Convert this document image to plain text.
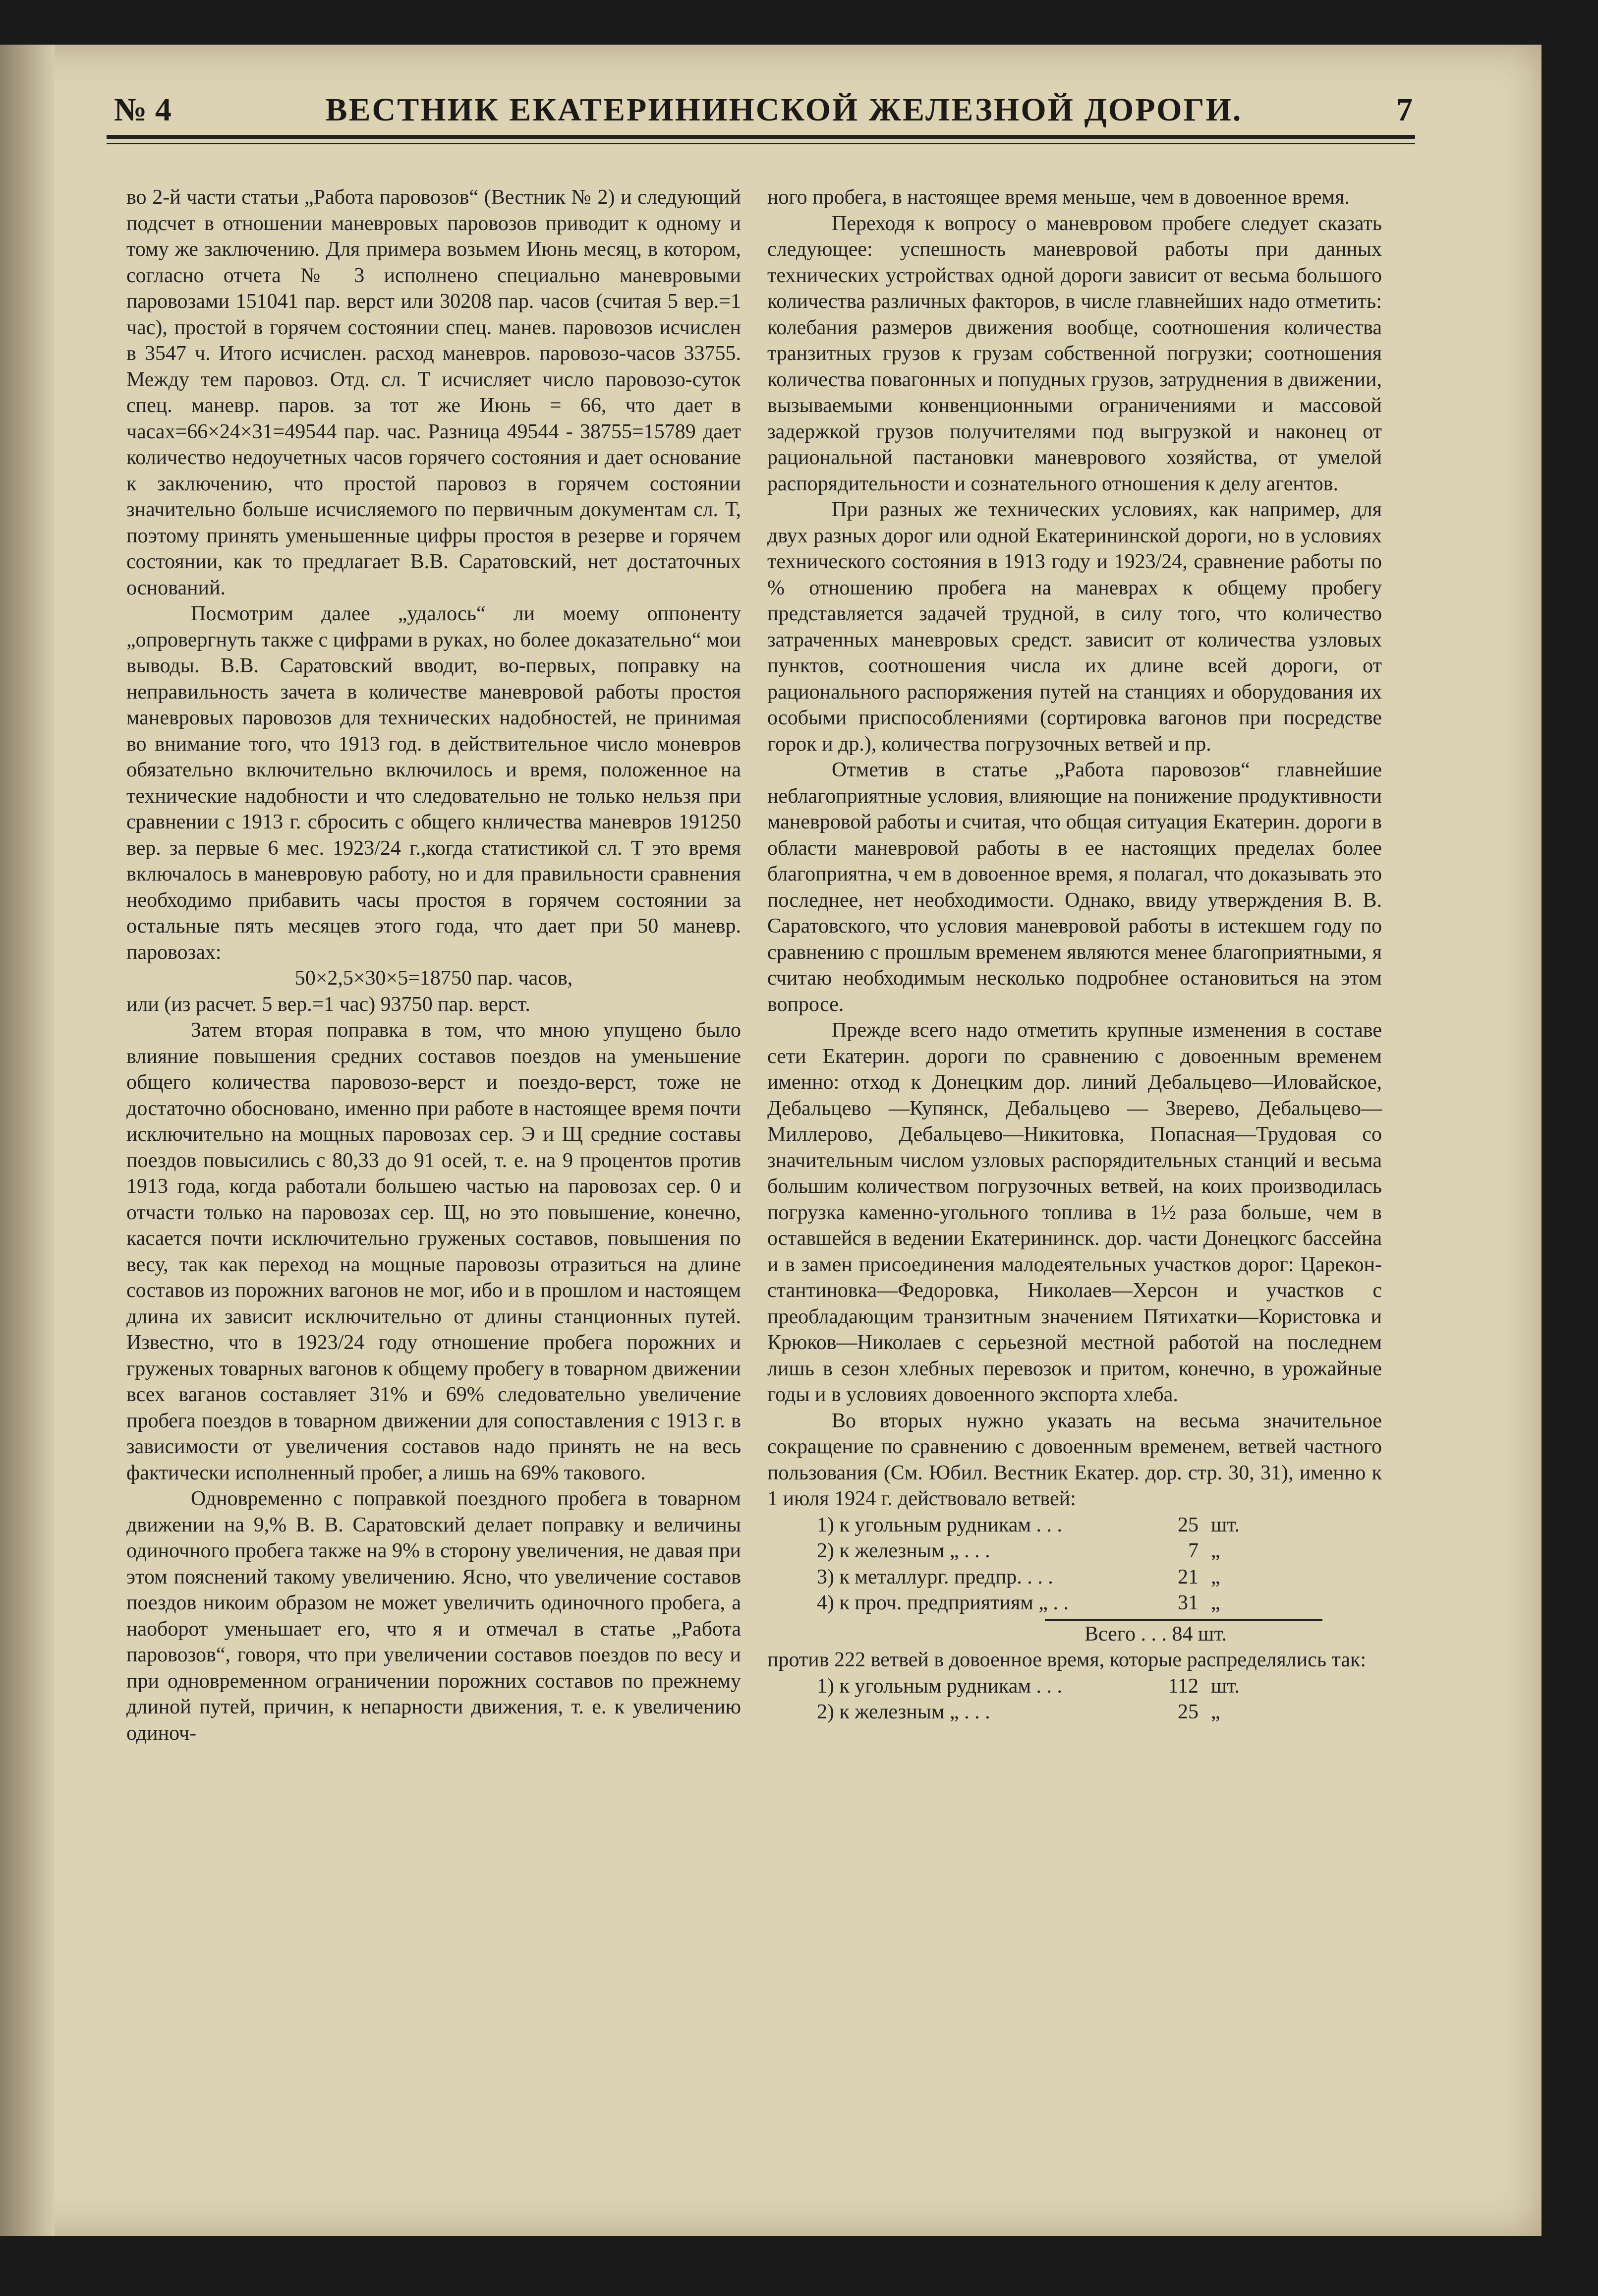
№ 4	ВЕСТНИК ЕКАТЕРИНИНСКОЙ ЖЕЛЕЗНОЙ ДОРОГИ.	7

во 2-й части статьи „Работа паровозов“ (Вестник № 2) и следующий подсчет в отношении маневровых паровозов приводит к одному и тому же заключению. Для примера возьмем Июнь месяц, в котором, согласно отчета № 3 исполнено специально маневровыми паровозами 151041 пар. верст или 30208 пар. часов (считая 5 вер.=1 час), простой в горячем состоянии спец. манев. паровозов исчислен в 3547 ч. Итого исчислен. расход маневров. паровозо-часов 33755. Между тем паровоз. Отд. сл. Т исчисляет число паровозо-суток спец. маневр. паров. за тот же Июнь = 66, что дает в часах=66×24×31=49544 пар. час. Разница 49544 - 38755=15789 дает количество недоучетных часов горячего состояния и дает основание к заключению, что простой паровоз в горячем состоянии значительно больше исчисляемого по первичным документам сл. Т, поэтому принять уменьшенные цифры простоя в резерве и горячем состоянии, как то предлагает В.В. Саратовский, нет достаточных оснований.

Посмотрим далее „удалось“ ли моему оппоненту „опровергнуть также с цифрами в руках, но более доказательно“ мои выводы. В.В. Саратовский вводит, во-первых, поправку на неправильность зачета в количестве маневровой работы простоя маневровых паровозов для технических надобностей, не принимая во внимание того, что 1913 год. в действительное число моневров обязательно включительно включилось и время, положенное на технические надобности и что следовательно не только нельзя при сравнении с 1913 г. сбросить с общего кнличества маневров 191250 вер. за первые 6 мес. 1923/24 г.,когда статистикой сл. Т это время включалось в маневровую работу, но и для правильности сравнения необходимо прибавить часы простоя в горячем состоянии за остальные пять месяцев этого года, что дает при 50 маневр. паровозах:

50×2,5×30×5=18750 пар. часов,

или (из расчет. 5 вер.=1 час) 93750 пар. верст.

Затем вторая поправка в том, что мною упущено было влияние повышения средних составов поездов на уменьшение общего количества паровозо-верст и поездо-верст, тоже не достаточно обосновано, именно при работе в настоящее время почти исключительно на мощных паровозах сер. Э и Щ средние составы поездов повысились с 80,33 до 91 осей, т. е. на 9 процентов против 1913 года, когда работали большею частью на паровозах сер. 0 и отчасти только на паровозах сер. Щ, но это повышение, конечно, касается почти исключительно груженых составов, повышения по весу, так как переход на мощные паровозы отразиться на длине составов из порожних вагонов не мог, ибо и в прошлом и настоящем длина их зависит исключительно от длины станционных путей. Известно, что в 1923/24 году отношение пробега порожних и груженых товарных вагонов к общему пробегу в товарном движении всех ваганов составляет 31% и 69% следовательно увеличение пробега поездов в товарном движении для сопоставления с 1913 г. в зависимости от увеличения составов надо принять не на весь фактически исполненный пробег, а лишь на 69% такового.

Одновременно с поправкой поездного пробега в товарном движении на 9,% В. В. Саратовский делает поправку и величины одиночного пробега также на 9% в сторону увеличения, не давая при этом пояснений такому увеличению. Ясно, что увеличение составов поездов никоим образом не может увеличить одиночного пробега, а наоборот уменьшает его, что я и отмечал в статье „Работа паровозов“, говоря, что при увеличении составов поездов по весу и при одновременном ограничении порожних составов по прежнему длиной путей, причин, к непарности движения, т. е. к увеличению одиноч-

ного пробега, в настоящее время меньше, чем в довоенное время.

Переходя к вопросу о маневровом пробеге следует сказать следующее: успешность маневровой работы при данных технических устройствах одной дороги зависит от весьма большого количества различных факторов, в числе главнейших надо отметить: колебания размеров движения вообще, соотношения количества транзитных грузов к грузам собственной погрузки; соотношения количества повагонных и попудных грузов, затруднения в движении, вызываемыми конвенционными ограничениями и массовой задержкой грузов получителями под выгрузкой и наконец от рациональной пастановки маневрового хозяйства, от умелой распорядительности и сознательного отношения к делу агентов.

При разных же технических условиях, как например, для двух разных дорог или одной Екатерининской дороги, но в условиях технического состояния в 1913 году и 1923/24, сравнение работы по % отношению пробега на маневрах к общему пробегу представляется задачей трудной, в силу того, что количество затраченных маневровых средст. зависит от количества узловых пунктов, соотношения числа их длине всей дороги, от рационального распоряжения путей на станциях и оборудования их особыми приспособлениями (сортировка вагонов при посредстве горок и др.), количества погрузочных ветвей и пр.

Отметив в статье „Работа паровозов“ главнейшие неблагоприятные условия, влияющие на понижение продуктивности маневровой работы и считая, что общая ситуация Екатерин. дороги в области маневровой работы в ее настоящих пределах более благоприятна, ч ем в довоенное время, я полагал, что доказывать это последнее, нет необходимости. Однако, ввиду утверждения В. В. Саратовского, что условия маневровой работы в истекшем году по сравнению с прошлым временем являются менее благоприятными, я считаю необходимым несколько подробнее остановиться на этом вопросе.

Прежде всего надо отметить крупные изменения в составе сети Екатерин. дороги по сравнению с довоенным временем именно: отход к Донецким дор. линий Дебальцево—Иловайское, Дебальцево —Купянск, Дебальцево — Зверево, Дебальцево—Миллерово, Дебальцево—Никитовка, Попасная—Трудовая со значительным числом узловых распорядительных станций и весьма большим количеством погрузочных ветвей, на коих производилась погрузка каменно-угольного топлива в 1½ раза больше, чем в оставшейся в ведении Екатерининск. дор. части Донецкогс бассейна и в замен присоединения малодеятельных участков дорог: Царекон-стантиновка—Федоровка, Николаев—Херсон и участков с преобладающим транзитным значением Пятихатки—Користовка и Крюков—Николаев с серьезной местной работой на последнем лишь в сезон хлебных перевозок и притом, конечно, в урожайные годы и в условиях довоенного экспорта хлеба.

Во вторых нужно указать на весьма значительное сокращение по сравнению с довоенным временем, ветвей частного пользования (См. Юбил. Вестник Екатер. дор. стр. 30, 31), именно к 1 июля 1924 г. действовало ветвей:

1) к угольным рудникам . . .	25 шт.
2) к железным „ . . .	7 „
3) к металлург. предпр. . . .	21 „
4) к проч. предприятиям „ . .	31 „
Всего . . . 84 шт.

против 222 ветвей в довоенное время, которые распределялись так:

1) к угольным рудникам . . .	112 шт.
2) к железным „ . . .	25 „
